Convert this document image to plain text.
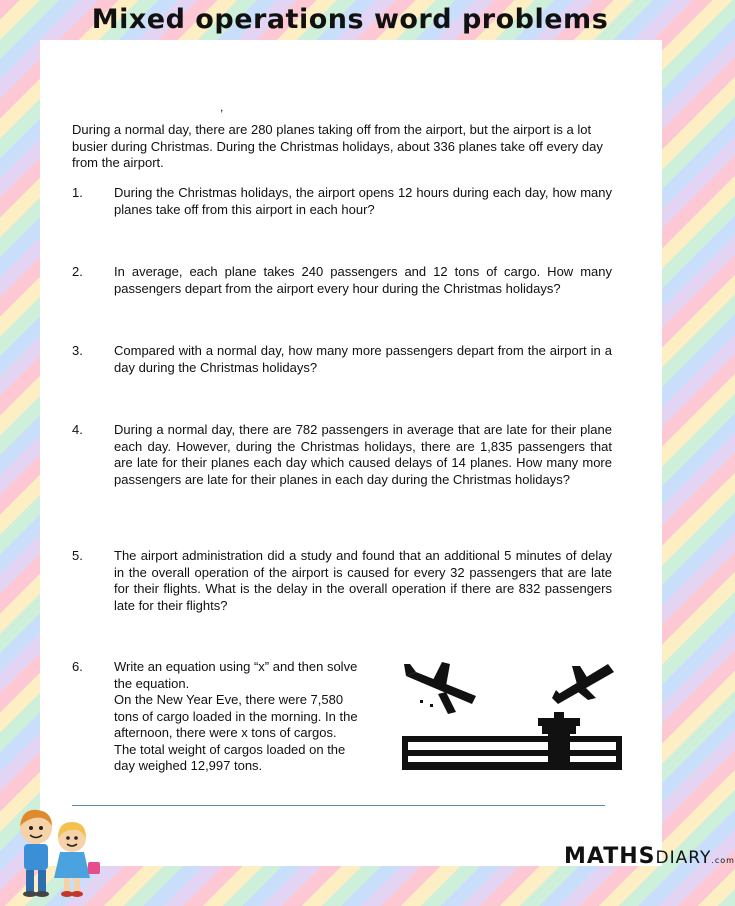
Mixed operations word problems
,
During a normal day, there are 280 planes taking off from the airport, but the airport is a lot busier during Christmas. During the Christmas holidays, about 336 planes take off every day from the airport.
1. During the Christmas holidays, the airport opens 12 hours during each day, how many planes take off from this airport in each hour?
2. In average, each plane takes 240 passengers and 12 tons of cargo. How many passengers depart from the airport every hour during the Christmas holidays?
3. Compared with a normal day, how many more passengers depart from the airport in a day during the Christmas holidays?
4. During a normal day, there are 782 passengers in average that are late for their plane each day. However, during the Christmas holidays, there are 1,835 passengers that are late for their planes each day which caused delays of 14 planes. How many more passengers are late for their planes in each day during the Christmas holidays?
5. The airport administration did a study and found that an additional 5 minutes of delay in the overall operation of the airport is caused for every 32 passengers that are late for their flights. What is the delay in the overall operation if there are 832 passengers late for their flights?
6. Write an equation using “x” and then solve the equation.
On the New Year Eve, there were 7,580 tons of cargo loaded in the morning. In the afternoon, there were x tons of cargos. The total weight of cargos loaded on the day weighed 12,997 tons.
MATHSDIARY.com
